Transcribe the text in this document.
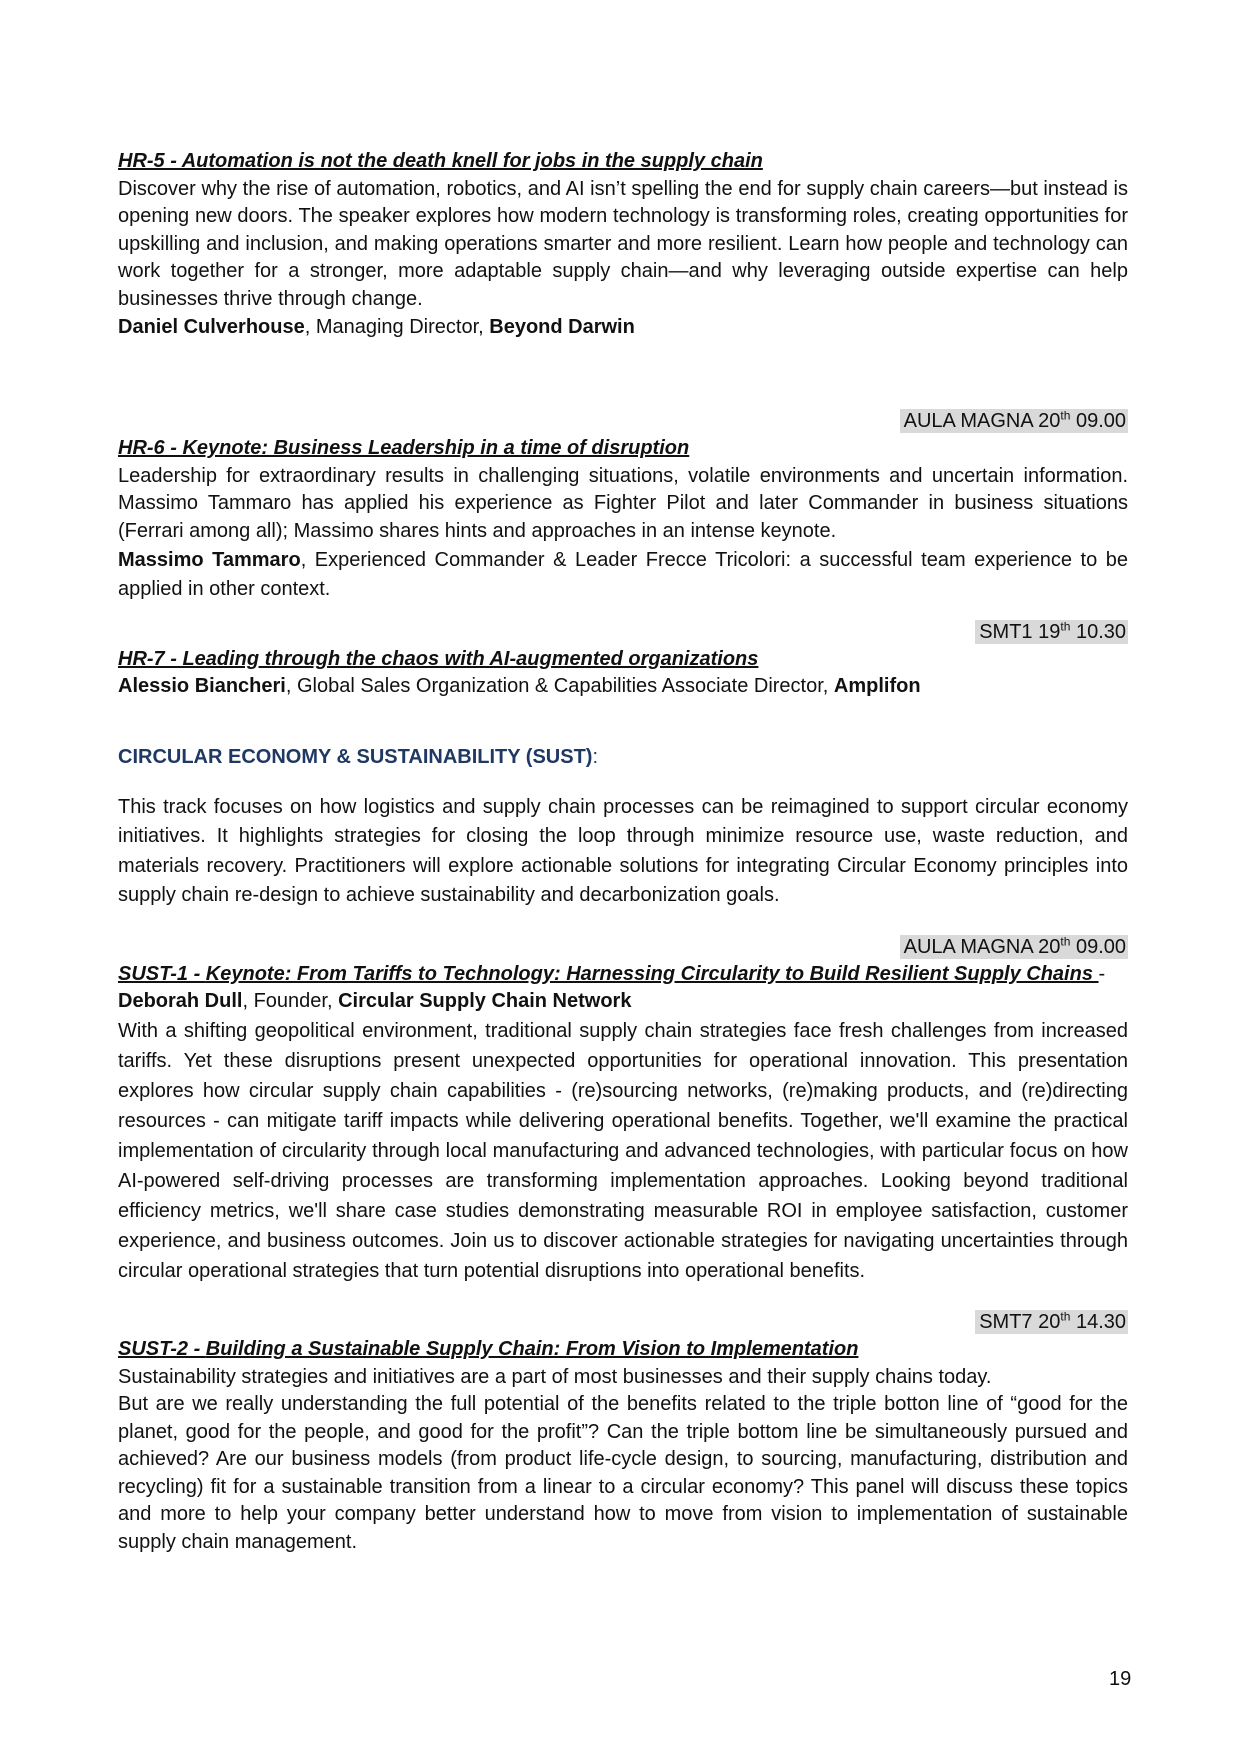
HR-5 - Automation is not the death knell for jobs in the supply chain

Discover why the rise of automation, robotics, and AI isn’t spelling the end for supply chain careers—but instead is opening new doors. The speaker explores how modern technology is transforming roles, creating opportunities for upskilling and inclusion, and making operations smarter and more resilient. Learn how people and technology can work together for a stronger, more adaptable supply chain—and why leveraging outside expertise can help businesses thrive through change.

Daniel Culverhouse, Managing Director, Beyond Darwin

AULA MAGNA 20th 09.00

HR-6 - Keynote: Business Leadership in a time of disruption

Leadership for extraordinary results in challenging situations, volatile environments and uncertain information. Massimo Tammaro has applied his experience as Fighter Pilot and later Commander in business situations (Ferrari among all); Massimo shares hints and approaches in an intense keynote.

Massimo Tammaro, Experienced Commander & Leader Frecce Tricolori: a successful team experience to be applied in other context.

SMT1 19th 10.30

HR-7 - Leading through the chaos with AI-augmented organizations

Alessio Biancheri, Global Sales Organization & Capabilities Associate Director, Amplifon

CIRCULAR ECONOMY & SUSTAINABILITY (SUST):

This track focuses on how logistics and supply chain processes can be reimagined to support circular economy initiatives. It highlights strategies for closing the loop through minimize resource use, waste reduction, and materials recovery. Practitioners will explore actionable solutions for integrating Circular Economy principles into supply chain re-design to achieve sustainability and decarbonization goals.

AULA MAGNA 20th 09.00

SUST-1 - Keynote: From Tariffs to Technology: Harnessing Circularity to Build Resilient Supply Chains -

Deborah Dull, Founder, Circular Supply Chain Network

With a shifting geopolitical environment, traditional supply chain strategies face fresh challenges from increased tariffs. Yet these disruptions present unexpected opportunities for operational innovation. This presentation explores how circular supply chain capabilities - (re)sourcing networks, (re)making products, and (re)directing resources - can mitigate tariff impacts while delivering operational benefits. Together, we'll examine the practical implementation of circularity through local manufacturing and advanced technologies, with particular focus on how AI-powered self-driving processes are transforming implementation approaches. Looking beyond traditional efficiency metrics, we'll share case studies demonstrating measurable ROI in employee satisfaction, customer experience, and business outcomes. Join us to discover actionable strategies for navigating uncertainties through circular operational strategies that turn potential disruptions into operational benefits.

SMT7 20th 14.30

SUST-2 - Building a Sustainable Supply Chain: From Vision to Implementation

Sustainability strategies and initiatives are a part of most businesses and their supply chains today.

But are we really understanding the full potential of the benefits related to the triple botton line of “good for the planet, good for the people, and good for the profit”? Can the triple bottom line be simultaneously pursued and achieved? Are our business models (from product life-cycle design, to sourcing, manufacturing, distribution and recycling) fit for a sustainable transition from a linear to a circular economy? This panel will discuss these topics and more to help your company better understand how to move from vision to implementation of sustainable supply chain management.

19
